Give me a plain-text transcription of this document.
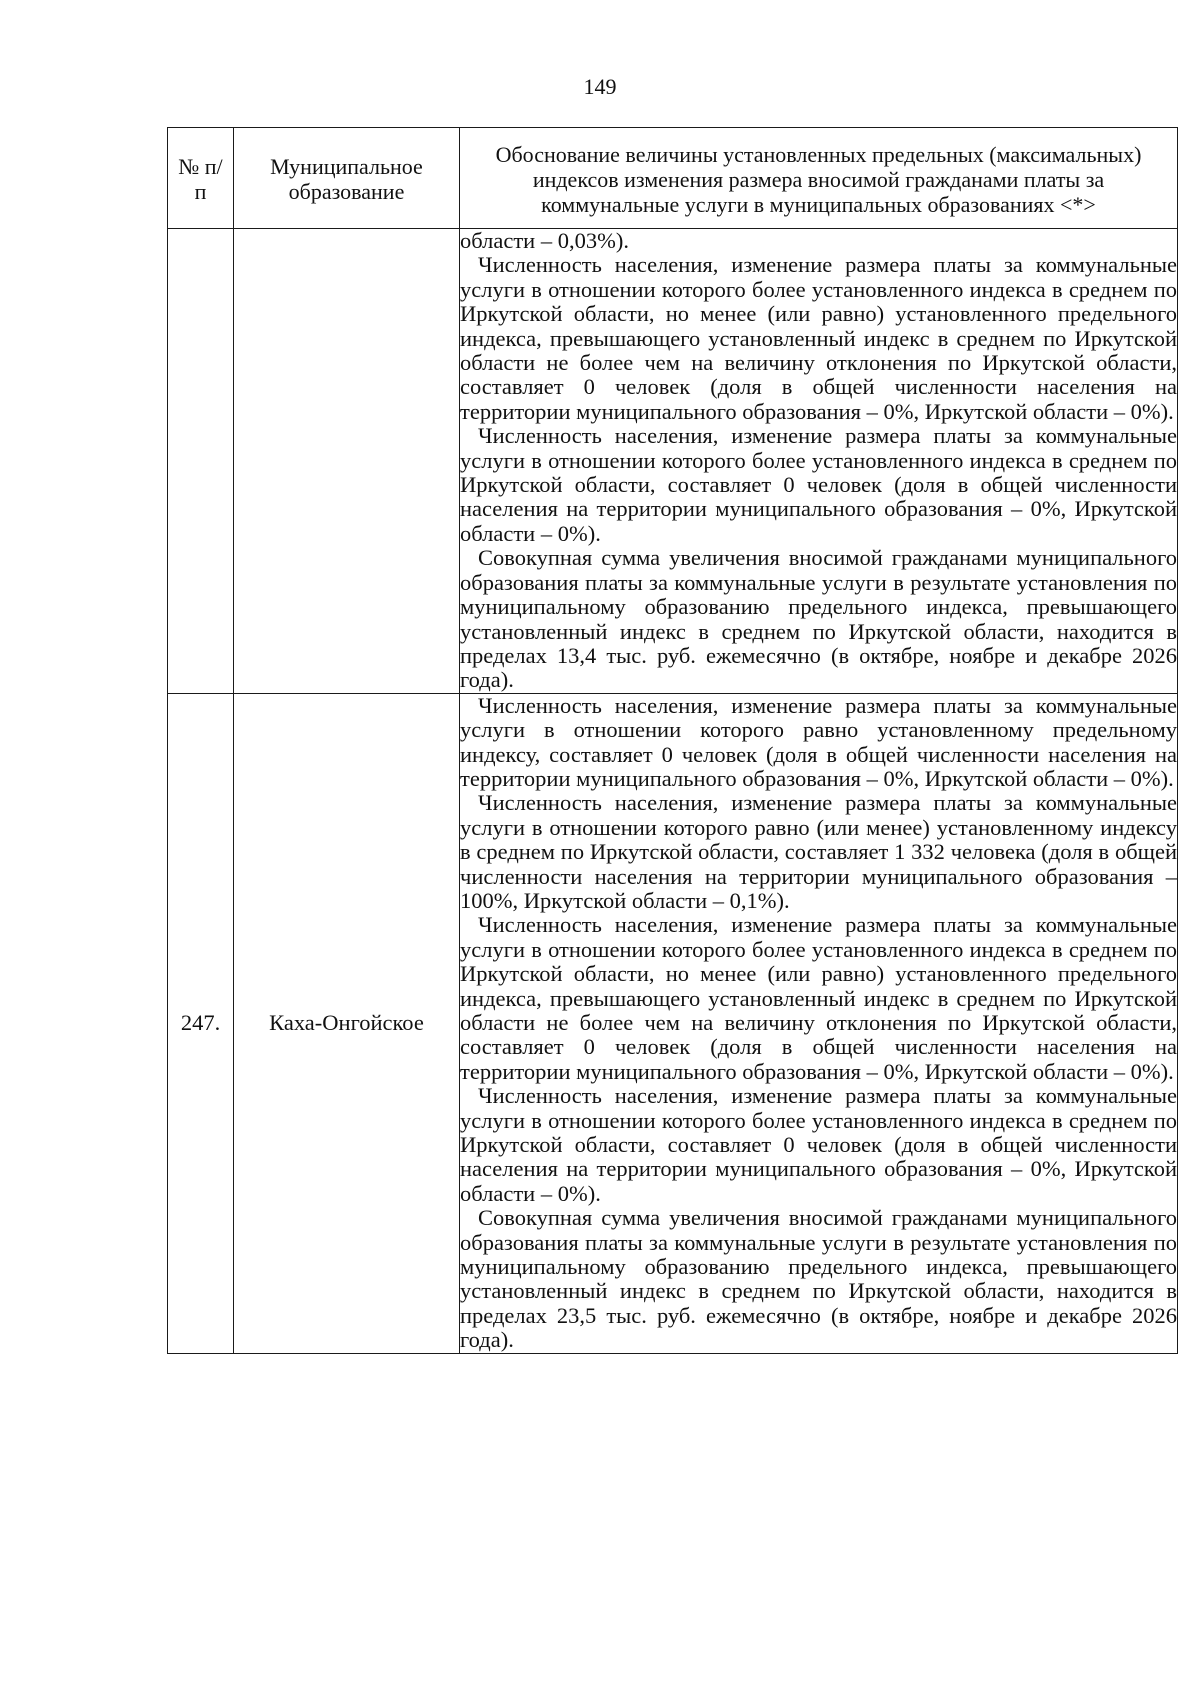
149
№ п/п	Муниципальное образование	Обоснование величины установленных предельных (максимальных) индексов изменения размера вносимой гражданами платы за коммунальные услуги в муниципальных образованиях <*>

		области – 0,03%).

Численность населения, изменение размера платы за коммунальные услуги в отношении которого более установленного индекса в среднем по Иркутской области, но менее (или равно) установленного предельного индекса, превышающего установленный индекс в среднем по Иркутской области не более чем на величину отклонения по Иркутской области, составляет 0 человек (доля в общей численности населения на территории муниципального образования – 0%, Иркутской области – 0%).

Численность населения, изменение размера платы за коммунальные услуги в отношении которого более установленного индекса в среднем по Иркутской области, составляет 0 человек (доля в общей численности населения на территории муниципального образования – 0%, Иркутской области – 0%).

Совокупная сумма увеличения вносимой гражданами муниципального образования платы за коммунальные услуги в результате установления по муниципальному образованию предельного индекса, превышающего установленный индекс в среднем по Иркутской области, находится в пределах 13,4 тыс. руб. ежемесячно (в октябре, ноябре и декабре 2026 года).

247.	Каха-Онгойское	Численность населения, изменение размера платы за коммунальные услуги в отношении которого равно установленному предельному индексу, составляет 0 человек (доля в общей численности населения на территории муниципального образования – 0%, Иркутской области – 0%).

Численность населения, изменение размера платы за коммунальные услуги в отношении которого равно (или менее) установленному индексу в среднем по Иркутской области, составляет 1 332 человека (доля в общей численности населения на территории муниципального образования – 100%, Иркутской области – 0,1%).

Численность населения, изменение размера платы за коммунальные услуги в отношении которого более установленного индекса в среднем по Иркутской области, но менее (или равно) установленного предельного индекса, превышающего установленный индекс в среднем по Иркутской области не более чем на величину отклонения по Иркутской области, составляет 0 человек (доля в общей численности населения на территории муниципального образования – 0%, Иркутской области – 0%).

Численность населения, изменение размера платы за коммунальные услуги в отношении которого более установленного индекса в среднем по Иркутской области, составляет 0 человек (доля в общей численности населения на территории муниципального образования – 0%, Иркутской области – 0%).

Совокупная сумма увеличения вносимой гражданами муниципального образования платы за коммунальные услуги в результате установления по муниципальному образованию предельного индекса, превышающего установленный индекс в среднем по Иркутской области, находится в пределах 23,5 тыс. руб. ежемесячно (в октябре, ноябре и декабре 2026 года).
